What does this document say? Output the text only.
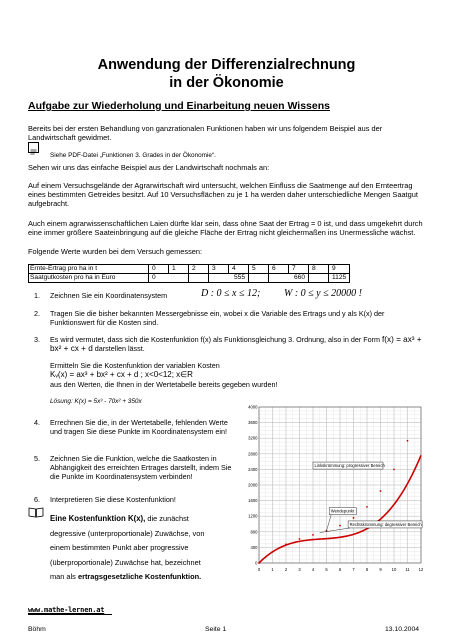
Anwendung der Differenzialrechnung
in der Ökonomie
Aufgabe zur Wiederholung und Einarbeitung neuen Wissens

Bereits bei der ersten Behandlung von ganzrationalen Funktionen haben wir uns folgendem Beispiel aus der Landwirtschaft gewidmet.

Siehe PDF-Datei „Funktionen 3. Grades in der Ökonomie“.

Sehen wir uns das einfache Beispiel aus der Landwirtschaft nochmals an:

Auf einem Versuchsgelände der Agrarwirtschaft wird untersucht, welchen Einfluss die Saatmenge auf den Ernteertrag eines bestimmten Getreides besitzt. Auf 10 Versuchsflächen zu je 1 ha werden daher unterschiedliche Mengen Saatgut aufgebracht.

Auch einem agrarwissenschaftlichen Laien dürfte klar sein, dass ohne Saat der Ertrag = 0 ist, und dass umgekehrt durch eine immer größere Saateinbringung auf die gleiche Fläche der Ertrag nicht gleichermaßen ins Unermessliche wächst.

Folgende Werte wurden bei dem Versuch gemessen:

Ernte-Ertrag pro ha in t	0	1	2	3	4	5	6	7	8	9
Saatgutkosten pro ha in Euro	0			555			660			1125
1. Zeichnen Sie ein Koordinatensystem	D : 0 ≤ x ≤ 12; W : 0 ≤ y ≤ 20000 !
2. Tragen Sie die bisher bekannten Messergebnisse ein, wobei x die Variable des Ertrags und y als K(x) der Funktionswert für die Kosten sind.
3. Es wird vermutet, dass sich die Kostenfunktion f(x) als Funktionsgleichung 3. Ordnung, also in der Form f(x) = ax³ + bx² + cx + d darstellen lässt.
Ermitteln Sie die Kostenfunktion der variablen Kosten
Kᵥ(x) = ax³ + bx² + cx + d ; x<0<12; x∈R
aus den Werten, die Ihnen in der Wertetabelle bereits gegeben wurden!
Lösung: K(x) = 5x³ - 70x² + 350x
4. Errechnen Sie die, in der Wertetabelle, fehlenden Werte und tragen Sie diese Punkte im Koordinatensystem ein!
5. Zeichnen Sie die Funktion, welche die Saatkosten in Abhängigkeit des erreichten Ertrages darstellt, indem Sie die Punkte im Koordinatensystem verbinden!
6. Interpretieren Sie diese Kostenfunktion!
Eine Kostenfunktion K(x), die zunächst
degressive (unterproportionale) Zuwächse, von
einem bestimmten Punkt aber progressive
(überproportionale) Zuwächse hat, bezeichnet
man als ertragsgesetzliche Kostenfunktion.
0	1	2	3	4	5	6	7	8	9 10 11 12
0
400
800
1200
1600
2000
2400
2800
3200
3600
4000
Linkskrümmung: progressiver Bereich
Wendepunkt
Rechtskrümmung: degressiver Bereich
www.mathe-lernen.at
Böhm	Seite 1	13.10.2004
